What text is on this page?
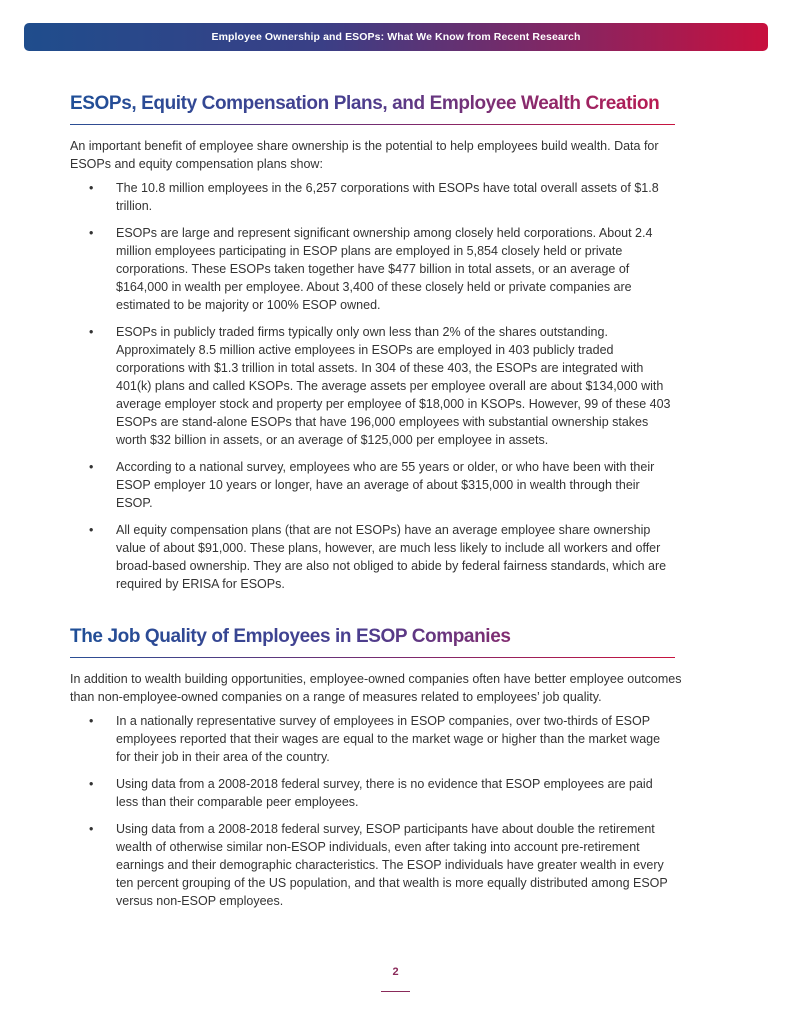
Employee Ownership and ESOPs: What We Know from Recent Research
ESOPs, Equity Compensation Plans, and Employee Wealth Creation

An important benefit of employee share ownership is the potential to help employees build wealth. Data for ESOPs and equity compensation plans show:

• The 10.8 million employees in the 6,257 corporations with ESOPs have total overall assets of $1.8 trillion.
• ESOPs are large and represent significant ownership among closely held corporations. About 2.4 million employees participating in ESOP plans are employed in 5,854 closely held or private corporations. These ESOPs taken together have $477 billion in total assets, or an average of $164,000 in wealth per employee. About 3,400 of these closely held or private companies are estimated to be majority or 100% ESOP owned.
• ESOPs in publicly traded firms typically only own less than 2% of the shares outstanding. Approximately 8.5 million active employees in ESOPs are employed in 403 publicly traded corporations with $1.3 trillion in total assets. In 304 of these 403, the ESOPs are integrated with 401(k) plans and called KSOPs. The average assets per employee overall are about $134,000 with average employer stock and property per employee of $18,000 in KSOPs. However, 99 of these 403 ESOPs are stand-alone ESOPs that have 196,000 employees with substantial ownership stakes worth $32 billion in assets, or an average of $125,000 per employee in assets.
• According to a national survey, employees who are 55 years or older, or who have been with their ESOP employer 10 years or longer, have an average of about $315,000 in wealth through their ESOP.
• All equity compensation plans (that are not ESOPs) have an average employee share ownership value of about $91,000. These plans, however, are much less likely to include all workers and offer broad-based ownership. They are also not obliged to abide by federal fairness standards, which are required by ERISA for ESOPs.
The Job Quality of Employees in ESOP Companies

In addition to wealth building opportunities, employee-owned companies often have better employee outcomes than non-employee-owned companies on a range of measures related to employees’ job quality.

• In a nationally representative survey of employees in ESOP companies, over two-thirds of ESOP employees reported that their wages are equal to the market wage or higher than the market wage for their job in their area of the country.
• Using data from a 2008-2018 federal survey, there is no evidence that ESOP employees are paid less than their comparable peer employees.
• Using data from a 2008-2018 federal survey, ESOP participants have about double the retirement wealth of otherwise similar non-ESOP individuals, even after taking into account pre-retirement earnings and their demographic characteristics. The ESOP individuals have greater wealth in every ten percent grouping of the US population, and that wealth is more equally distributed among ESOP versus non-ESOP employees.
2
